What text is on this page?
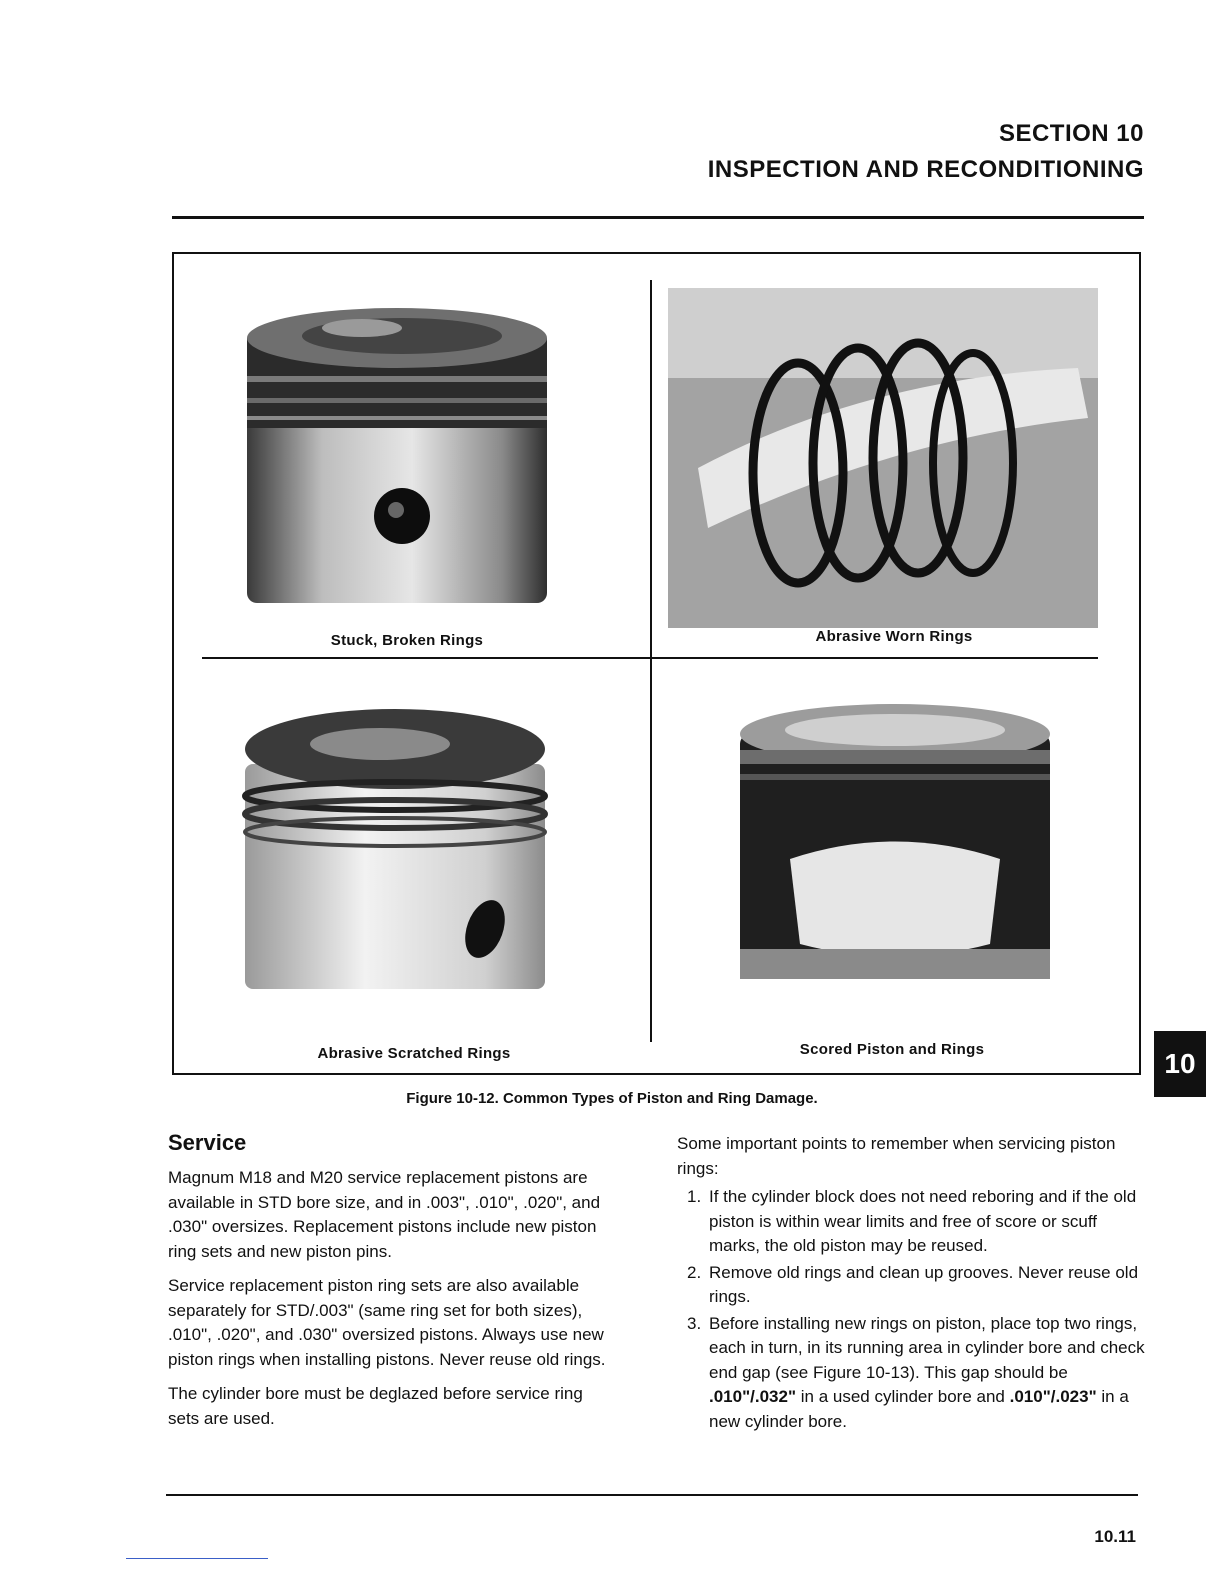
SECTION 10
INSPECTION AND RECONDITIONING
Stuck, Broken Rings	Abrasive Worn Rings
Abrasive Scratched Rings	Scored Piston and Rings
Figure 10-12. Common Types of Piston and Ring Damage.
10
Service

Magnum M18 and M20 service replacement pistons are available in STD bore size, and in .003", .010", .020", and .030" oversizes. Replacement pistons include new piston ring sets and new piston pins.

Service replacement piston ring sets are also available separately for STD/.003" (same ring set for both sizes), .010", .020", and .030" oversized pistons. Always use new piston rings when installing pistons. Never reuse old rings.

The cylinder bore must be deglazed before service ring sets are used.

Some important points to remember when servicing piston rings:
1. If the cylinder block does not need reboring and if the old piston is within wear limits and free of score or scuff marks, the old piston may be reused.
2. Remove old rings and clean up grooves. Never reuse old rings.
3. Before installing new rings on piston, place top two rings, each in turn, in its running area in cylinder bore and check end gap (see Figure 10-13). This gap should be .010"/.032" in a used cylinder bore and .010"/.023" in a new cylinder bore.
10.11
